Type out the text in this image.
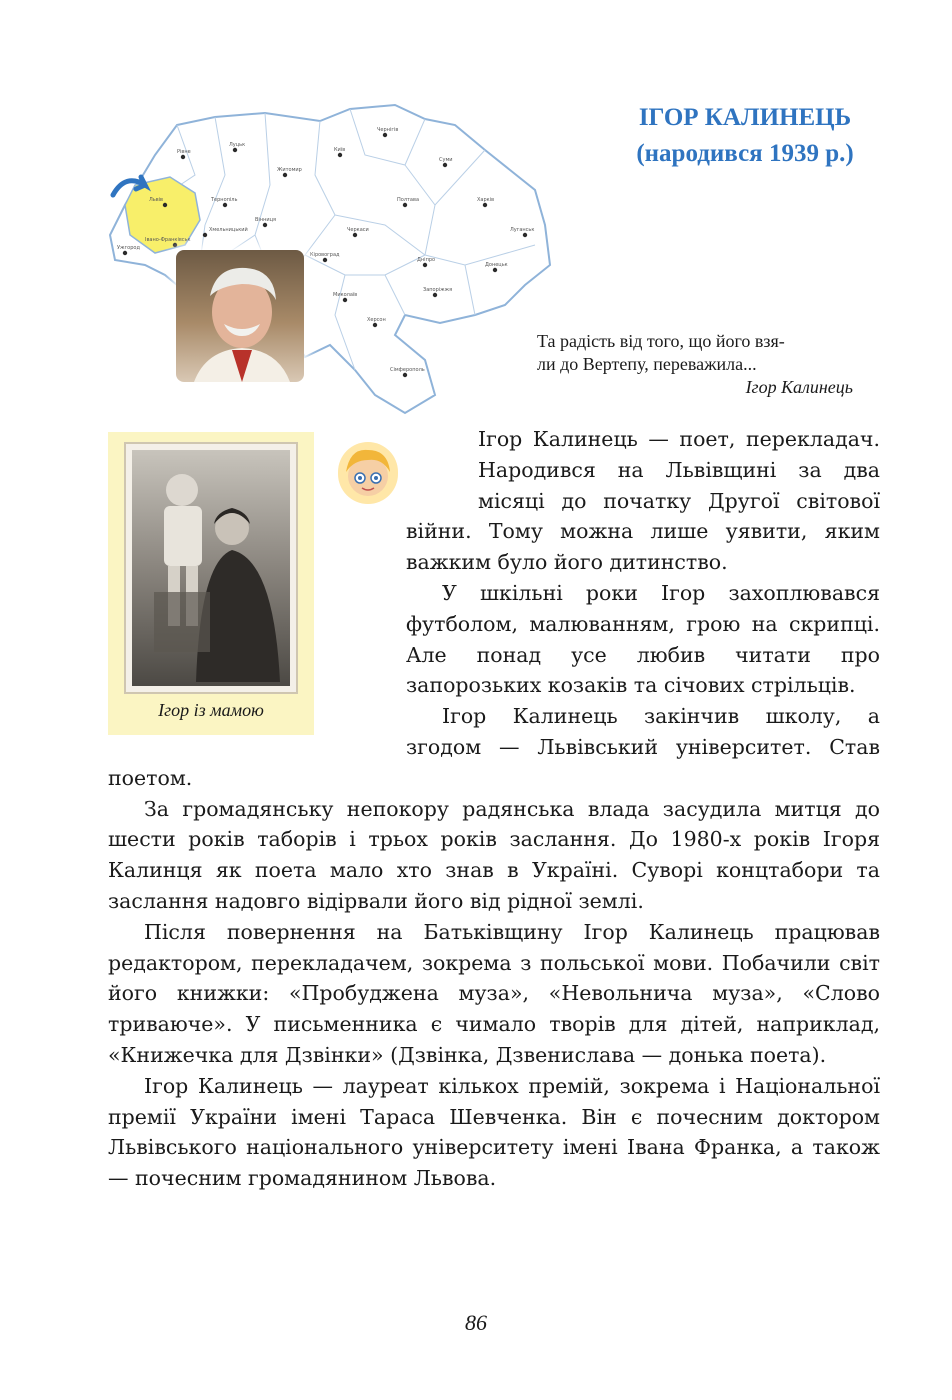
ІГОР КАЛИНЕЦЬ
(народився 1939 р.)
Рівне
Луцьк
Житомир
Київ
Чернігів
Суми
Львів	Тернопіль
Хмельницький
Полтава	Харків
Вінниця
Черкаси	Луганськ
Івано-Франківськ
Кіровоград
Дніпро
Донецьк
Ужгород
Миколаїв
Запоріжжя
Херсон
Сімферополь
Та радість від того, що його взя-
ли до Вертепу, переважила...
Ігор Калинець
Ігор із мамою

Ігор Калинець — поет, перекладач. Народився на Львівщині за два місяці до початку Другої світової війни. Тому можна лише уявити, яким важким було його дитинство.

У шкільні роки Ігор захоплювався футболом, малюванням, грою на скрипці. Але понад усе любив читати про запорозьких козаків та січових стрільців.

Ігор Калинець закінчив школу, а згодом — Львівський університет. Став поетом.

За громадянську непокору радянська влада засудила митця до шести років таборів і трьох років заслання. До 1980-х років Ігоря Калинця як поета мало хто знав в Україні. Суворі концтабори та заслання надовго відірвали його від рідної землі.

Після повернення на Батьківщину Ігор Калинець працював редактором, перекладачем, зокрема з польської мови. Побачили світ його книжки: «Пробуджена муза», «Невольнича муза», «Слово триваюче». У письменника є чимало творів для дітей, наприклад, «Книжечка для Дзвінки» (Дзвінка, Дзвенислава — донька поета).

Ігор Калинець — лауреат кількох премій, зокрема і Національної премії України імені Тараса Шевченка. Він є почесним доктором Львівського національного університету імені Івана Франка, а також — почесним громадянином Львова.

86
